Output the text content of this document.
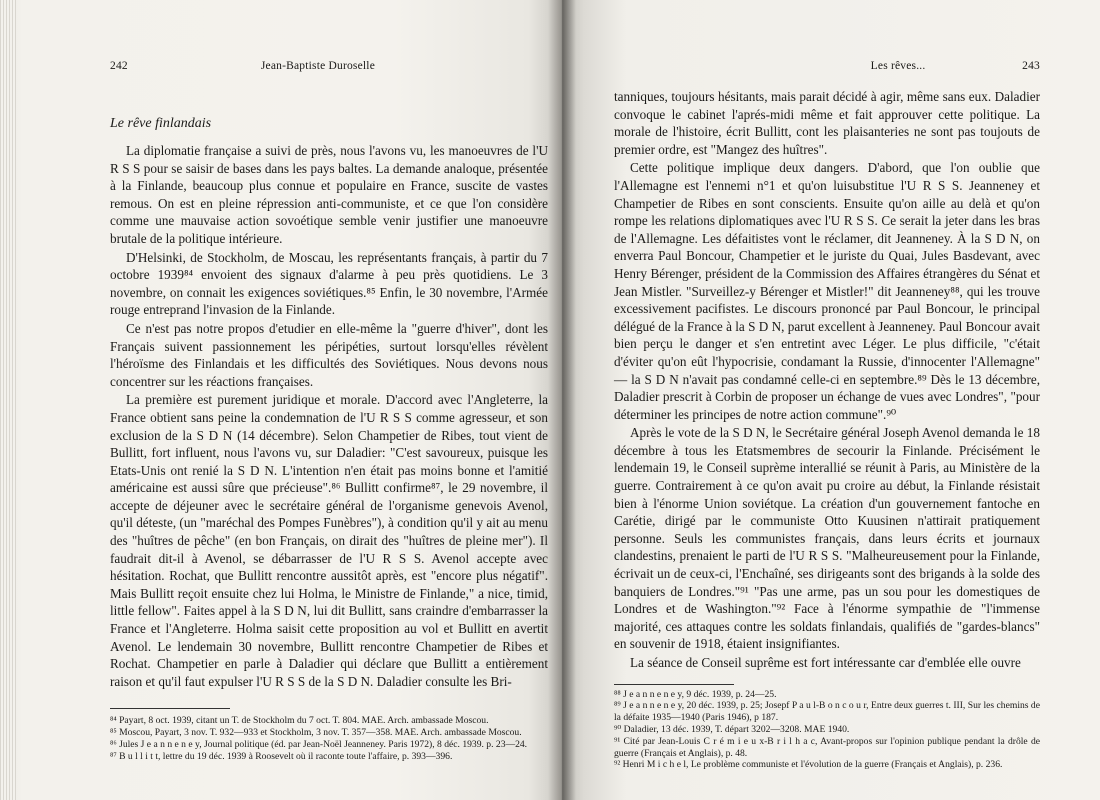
242	Jean-Baptiste Duroselle
Le rêve finlandais

La diplomatie française a suivi de près, nous l'avons vu, les manoeuvres de l'U R S S pour se saisir de bases dans les pays baltes. La demande analoque, présentée à la Finlande, beaucoup plus connue et populaire en France, suscite de vastes remous. On est en pleine répression anti-communiste, et ce que l'on considère comme une mauvaise action sovoétique semble venir justifier une manoeuvre brutale de la politique intérieure.

D'Helsinki, de Stockholm, de Moscau, les représentants français, à partir du 7 octobre 1939⁸⁴ envoient des signaux d'alarme à peu près quotidiens. Le 3 novembre, on connait les exigences soviétiques.⁸⁵ Enfin, le 30 novembre, l'Armée rouge entreprand l'invasion de la Finlande.

Ce n'est pas notre propos d'etudier en elle-même la "guerre d'hiver", dont les Français suivent passionnement les péripéties, surtout lorsqu'elles révèlent l'héroïsme des Finlandais et les difficultés des Soviétiques. Nous devons nous concentrer sur les réactions françaises.

La première est purement juridique et morale. D'accord avec l'Angleterre, la France obtient sans peine la condemnation de l'U R S S comme agresseur, et son exclusion de la S D N (14 décembre). Selon Champetier de Ribes, tout vient de Bullitt, fort influent, nous l'avons vu, sur Daladier: "C'est savoureux, puisque les Etats-Unis ont renié la S D N. L'intention n'en était pas moins bonne et l'amitié américaine est aussi sûre que précieuse".⁸⁶ Bullitt confirme⁸⁷, le 29 novembre, il accepte de déjeuner avec le secrétaire général de l'organisme genevois Avenol, qu'il déteste, (un "maréchal des Pompes Funèbres"), à condition qu'il y ait au menu des "huîtres de pêche" (en bon Français, on dirait des "huîtres de pleine mer"). Il faudrait dit-il à Avenol, se débarrasser de l'U R S S. Avenol accepte avec hésitation. Rochat, que Bullitt rencontre aussitôt après, est "encore plus négatif". Mais Bullitt reçoit ensuite chez lui Holma, le Ministre de Finlande," a nice, timid, little fellow". Faites appel à la S D N, lui dit Bullitt, sans craindre d'embarrasser la France et l'Angleterre. Holma saisit cette proposition au vol et Bullitt en avertit Avenol. Le lendemain 30 novembre, Bullitt rencontre Champetier de Ribes et Rochat. Champetier en parle à Daladier qui déclare que Bullitt a entièrement raison et qu'il faut expulser l'U R S S de la S D N. Daladier consulte les Bri-

⁸⁴ Payart, 8 oct. 1939, citant un T. de Stockholm du 7 oct. T. 804. MAE. Arch. ambassade Moscou.
⁸⁵ Moscou, Payart, 3 nov. T. 932—933 et Stockholm, 3 nov. T. 357—358. MAE. Arch. ambassade Moscou.
⁸⁶ Jules J e a n n e n e y, Journal politique (éd. par Jean-Noël Jeanneney. Paris 1972), 8 déc. 1939. p. 23—24.
⁸⁷ B u l l i t t, lettre du 19 déc. 1939 à Roosevelt où il raconte toute l'affaire, p. 393—396.
Les rêves...	243

tanniques, toujours hésitants, mais parait décidé à agir, même sans eux. Daladier convoque le cabinet l'aprés-midi même et fait approuver cette politique. La morale de l'histoire, écrit Bullitt, cont les plaisanteries ne sont pas toujouts de premier ordre, est "Mangez des huîtres".

Cette politique implique deux dangers. D'abord, que l'on oublie que l'Allemagne est l'ennemi n°1 et qu'on luisubstitue l'U R S S. Jeanneney et Champetier de Ribes en sont conscients. Ensuite qu'on aille au delà et qu'on rompe les relations diplomatiques avec l'U R S S. Ce serait la jeter dans les bras de l'Allemagne. Les défaitistes vont le réclamer, dit Jeanneney. À la S D N, on enverra Paul Boncour, Champetier et le juriste du Quai, Jules Basdevant, avec Henry Bérenger, président de la Commission des Affaires étrangères du Sénat et Jean Mistler. "Surveillez-y Bérenger et Mistler!" dit Jeanneney⁸⁸, qui les trouve excessivement pacifistes. Le discours prononcé par Paul Boncour, le principal délégué de la France à la S D N, parut excellent à Jeanneney. Paul Boncour avait bien perçu le danger et s'en entretint avec Léger. Le plus difficile, "c'était d'éviter qu'on eût l'hypocrisie, condamant la Russie, d'innocenter l'Allemagne" — la S D N n'avait pas condamné celle-ci en septembre.⁸⁹ Dès le 13 décembre, Daladier prescrit à Corbin de proposer un échange de vues avec Londres", "pour déterminer les principes de notre action commune".⁹⁰

Après le vote de la S D N, le Secrétaire général Joseph Avenol demanda le 18 décembre à tous les Etatsmembres de secourir la Finlande. Précisément le lendemain 19, le Conseil suprème interallié se réunit à Paris, au Ministère de la guerre. Contrairement à ce qu'on avait pu croire au début, la Finlande résistait bien à l'énorme Union soviétque. La création d'un gouvernement fantoche en Carétie, dirigé par le communiste Otto Kuusinen n'attirait pratiquement personne. Seuls les communistes français, dans leurs écrits et journaux clandestins, prenaient le parti de l'U R S S. "Malheureusement pour la Finlande, écrivait un de ceux-ci, l'Enchaîné, ses dirigeants sont des brigands à la solde des banquiers de Londres."⁹¹ "Pas une arme, pas un sou pour les domestiques de Londres et de Washington."⁹² Face à l'énorme sympathie de "l'immense majorité, ces attaques contre les soldats finlandais, qualifiés de "gardes-blancs" en souvenir de 1918, étaient insignifiantes.

La séance de Conseil suprême est fort intéressante car d'emblée elle ouvre

⁸⁸ J e a n n e n e y, 9 déc. 1939, p. 24—25.
⁸⁹ J e a n n e n e y, 20 déc. 1939, p. 25; Josepf P a u l-B o n c o u r, Entre deux guerres t. III, Sur les chemins de la défaite 1935—1940 (Paris 1946), p 187.
⁹⁰ Daladier, 13 déc. 1939, T. départ 3202—3208. MAE 1940.
⁹¹ Cité par Jean-Louis C r é m i e u x-B r i l h a c, Avant-propos sur l'opinion publique pendant la drôle de guerre (Français et Anglais), p. 48.
⁹² Henri M i c h e l, Le problème communiste et l'évolution de la guerre (Français et Anglais), p. 236.
